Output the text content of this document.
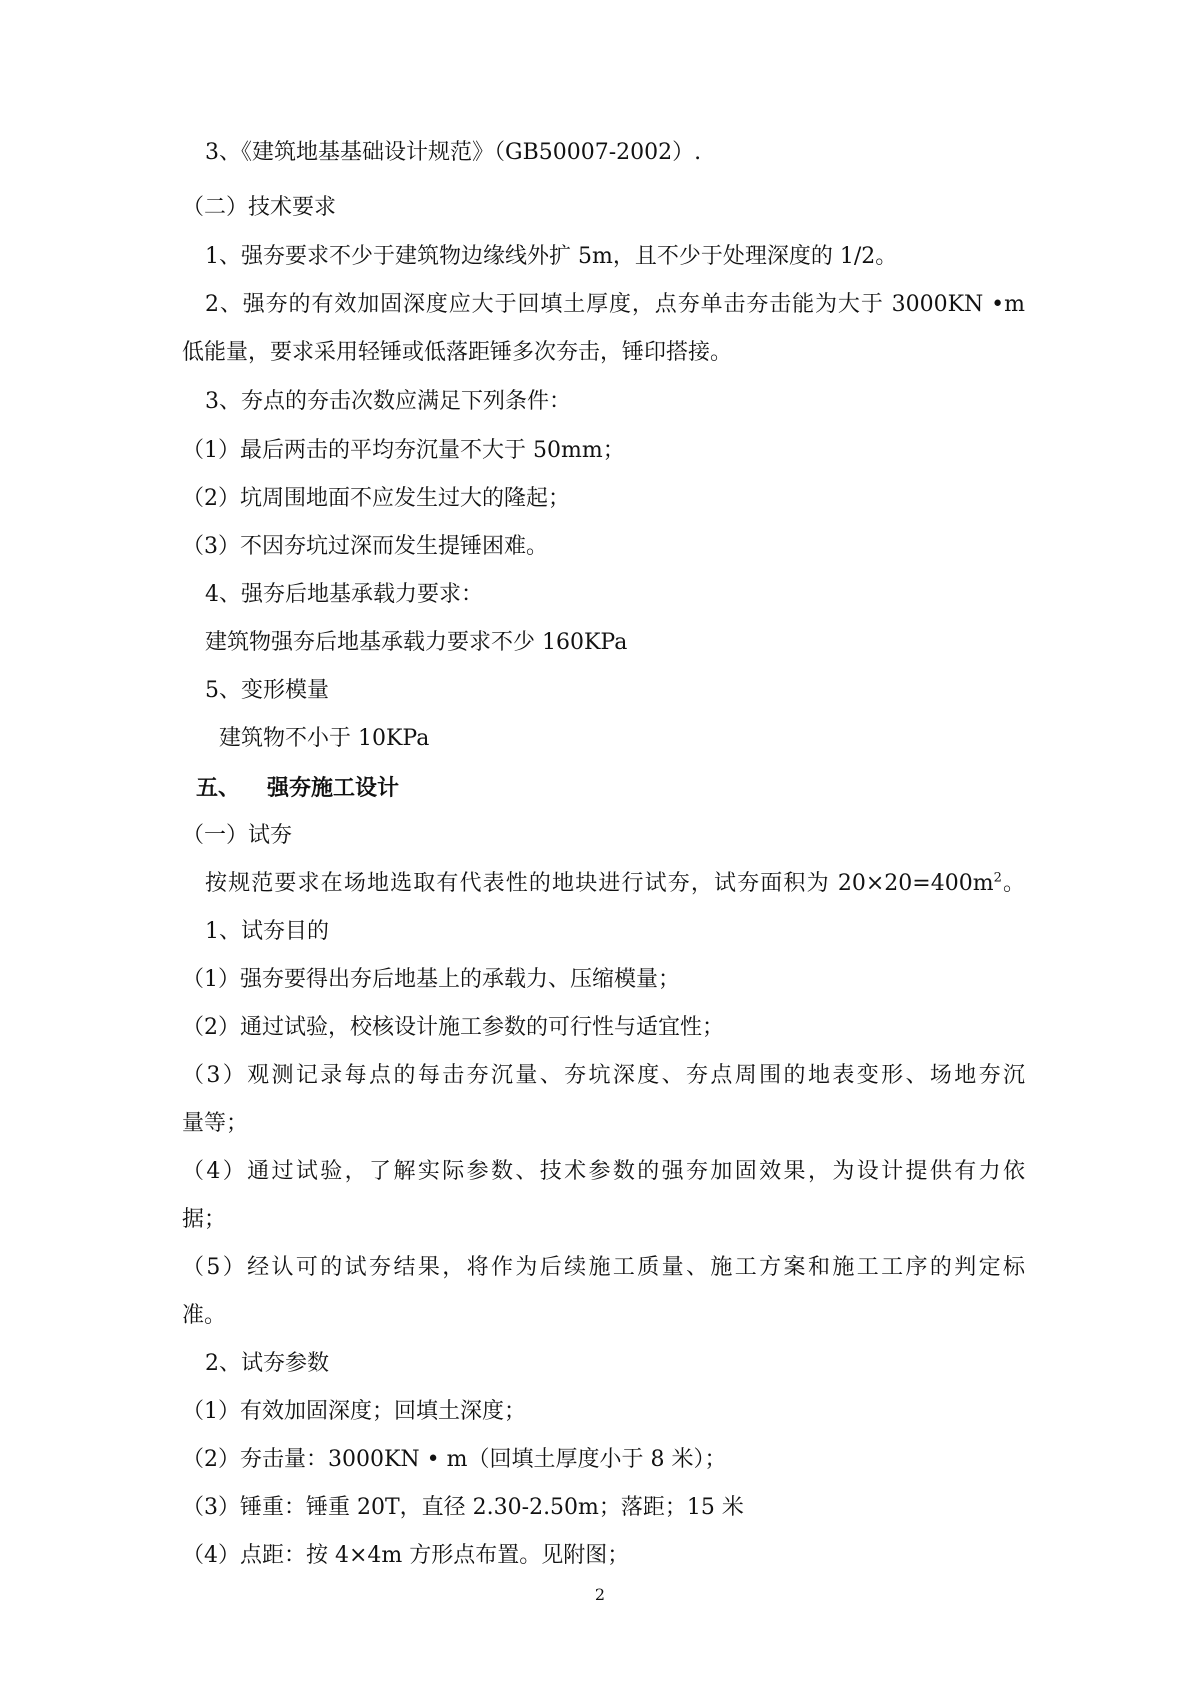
3、《建筑地基基础设计规范》（GB50007-2002）.
（二）技术要求
1、强夯要求不少于建筑物边缘线外扩 5m，且不少于处理深度的 1/2。
2、强夯的有效加固深度应大于回填土厚度，点夯单击夯击能为大于 3000KN •m
低能量，要求采用轻锤或低落距锤多次夯击，锤印搭接。
3、夯点的夯击次数应满足下列条件：
（1）最后两击的平均夯沉量不大于 50mm；
（2）坑周围地面不应发生过大的隆起；
（3）不因夯坑过深而发生提锤困难。
4、强夯后地基承载力要求：
建筑物强夯后地基承载力要求不少 160KPa
5、变形模量
建筑物不小于 10KPa
五、 强夯施工设计
（一）试夯
按规范要求在场地选取有代表性的地块进行试夯，试夯面积为 $20\times 20=400m^2$。
1、试夯目的
（1）强夯要得出夯后地基上的承载力、压缩模量；
（2）通过试验，校核设计施工参数的可行性与适宜性；
（3）观测记录每点的每击夯沉量、夯坑深度、夯点周围的地表变形、场地夯沉
量等；
（4）通过试验，了解实际参数、技术参数的强夯加固效果，为设计提供有力依
据；
（5）经认可的试夯结果，将作为后续施工质量、施工方案和施工工序的判定标
准。
2、试夯参数
（1）有效加固深度；回填土深度；
（2）夯击量：3000KN • m（回填土厚度小于 8 米）；
（3）锤重：锤重 20T，直径 2.30-2.50m；落距；15 米
（4）点距：按 4×4m 方形点布置。见附图；
2
